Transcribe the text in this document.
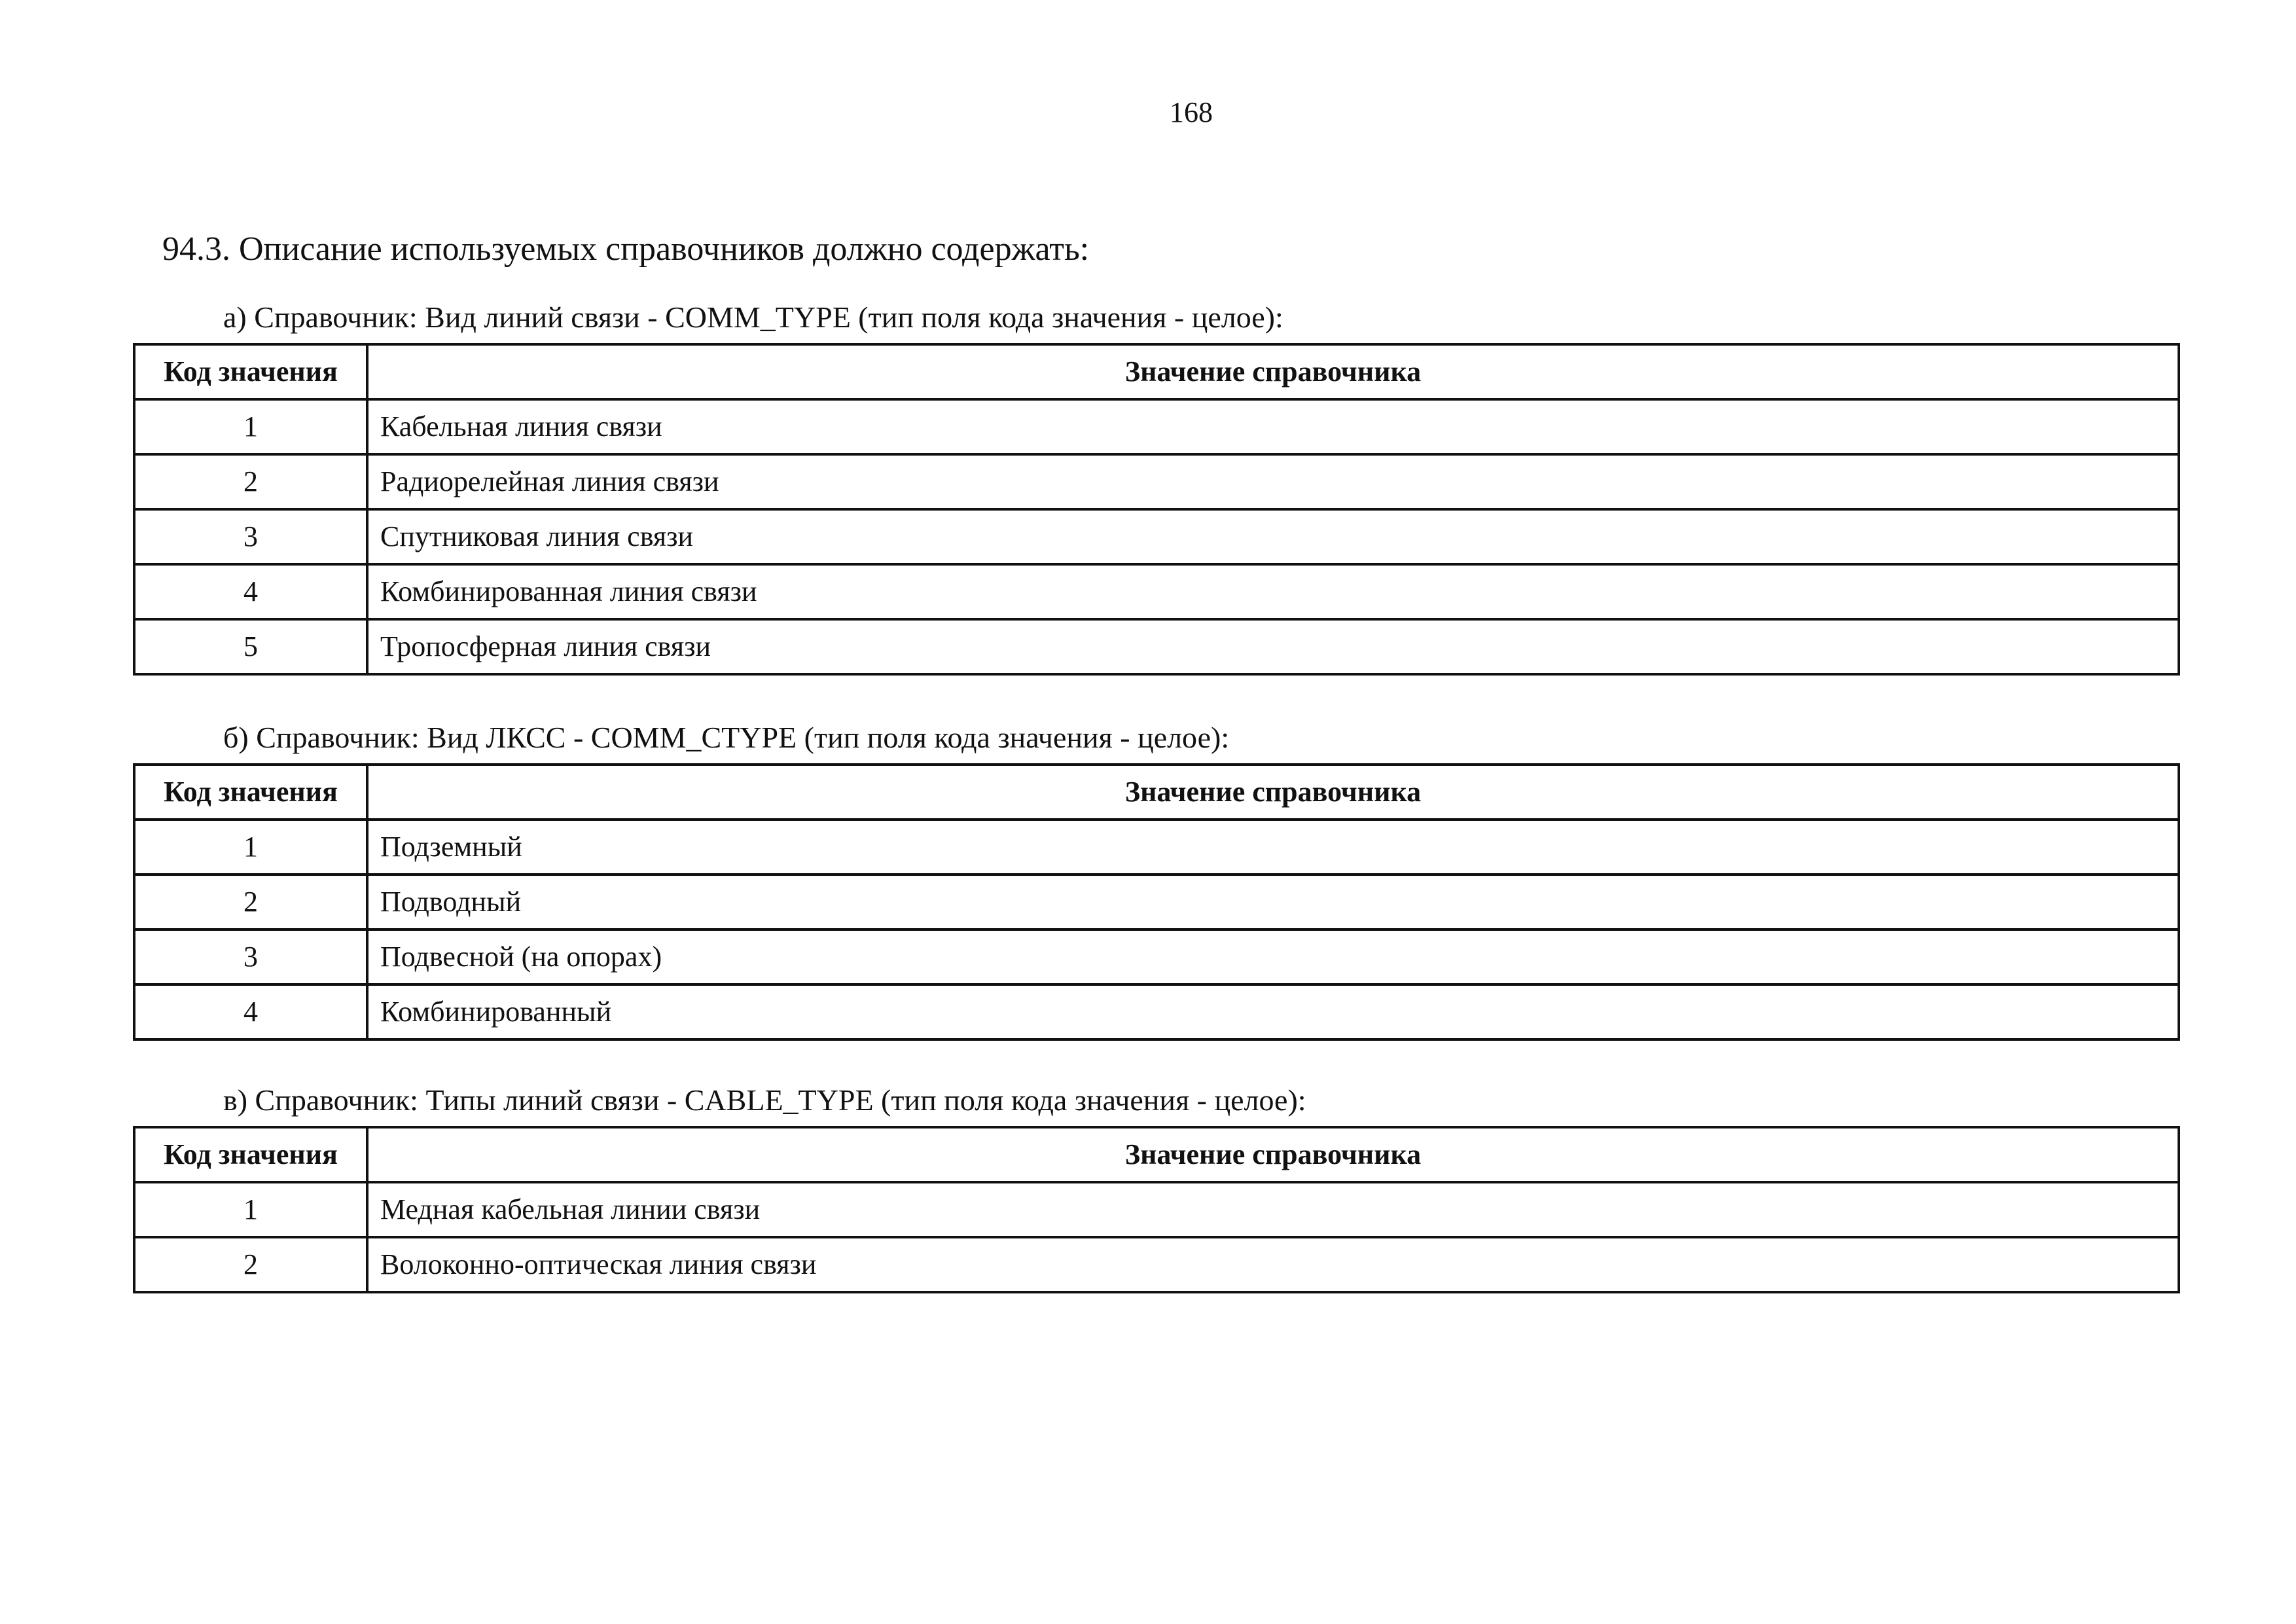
168
94.3. Описание используемых справочников должно содержать:
а) Справочник: Вид линий связи - COMM_TYPE (тип поля кода значения - целое):
Код значения	Значение справочника
1	Кабельная линия связи
2	Радиорелейная линия связи
3	Спутниковая линия связи
4	Комбинированная линия связи
5	Тропосферная линия связи
б) Справочник: Вид ЛКСС - COMM_CTYPE (тип поля кода значения - целое):
Код значения	Значение справочника
1	Подземный
2	Подводный
3	Подвесной (на опорах)
4	Комбинированный
в) Справочник: Типы линий связи - CABLE_TYPE (тип поля кода значения - целое):
Код значения	Значение справочника
1	Медная кабельная линии связи
2	Волоконно-оптическая линия связи
